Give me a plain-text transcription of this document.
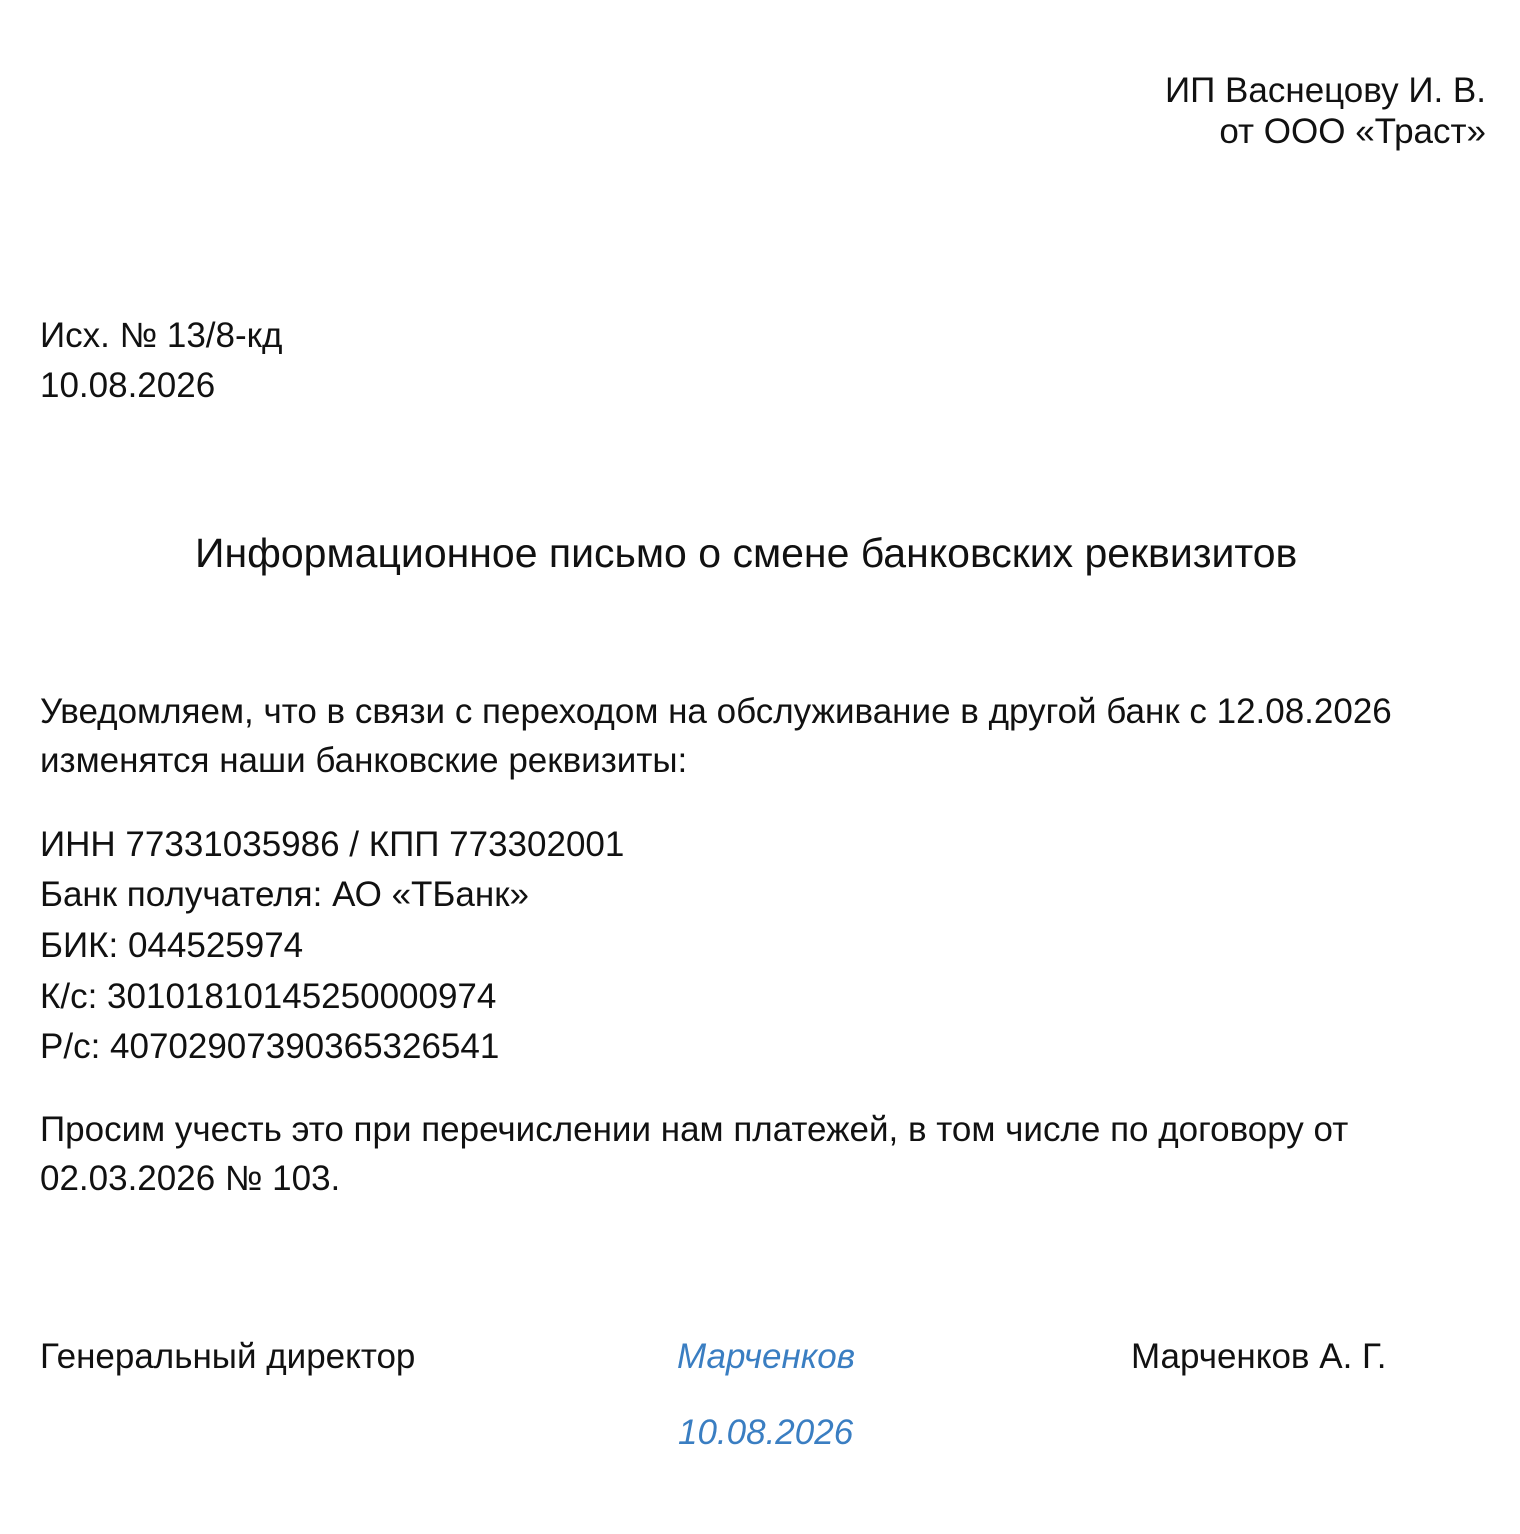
ИП Васнецову И. В.
от ООО «Траст»
Исх. № 13/8-кд
10.08.2026
Информационное письмо о смене банковских реквизитов
Уведомляем, что в связи с переходом на обслуживание в другой банк с 12.08.2026
изменятся наши банковские реквизиты:
ИНН 77331035986 / КПП 773302001
Банк получателя: АО «ТБанк»
БИК: 044525974
К/с: 30101810145250000974
Р/с: 40702907390365326541
Просим учесть это при перечислении нам платежей, в том числе по договору от
02.03.2026 № 103.
Генеральный директор	Марченков	Марченков А. Г.
10.08.2026
